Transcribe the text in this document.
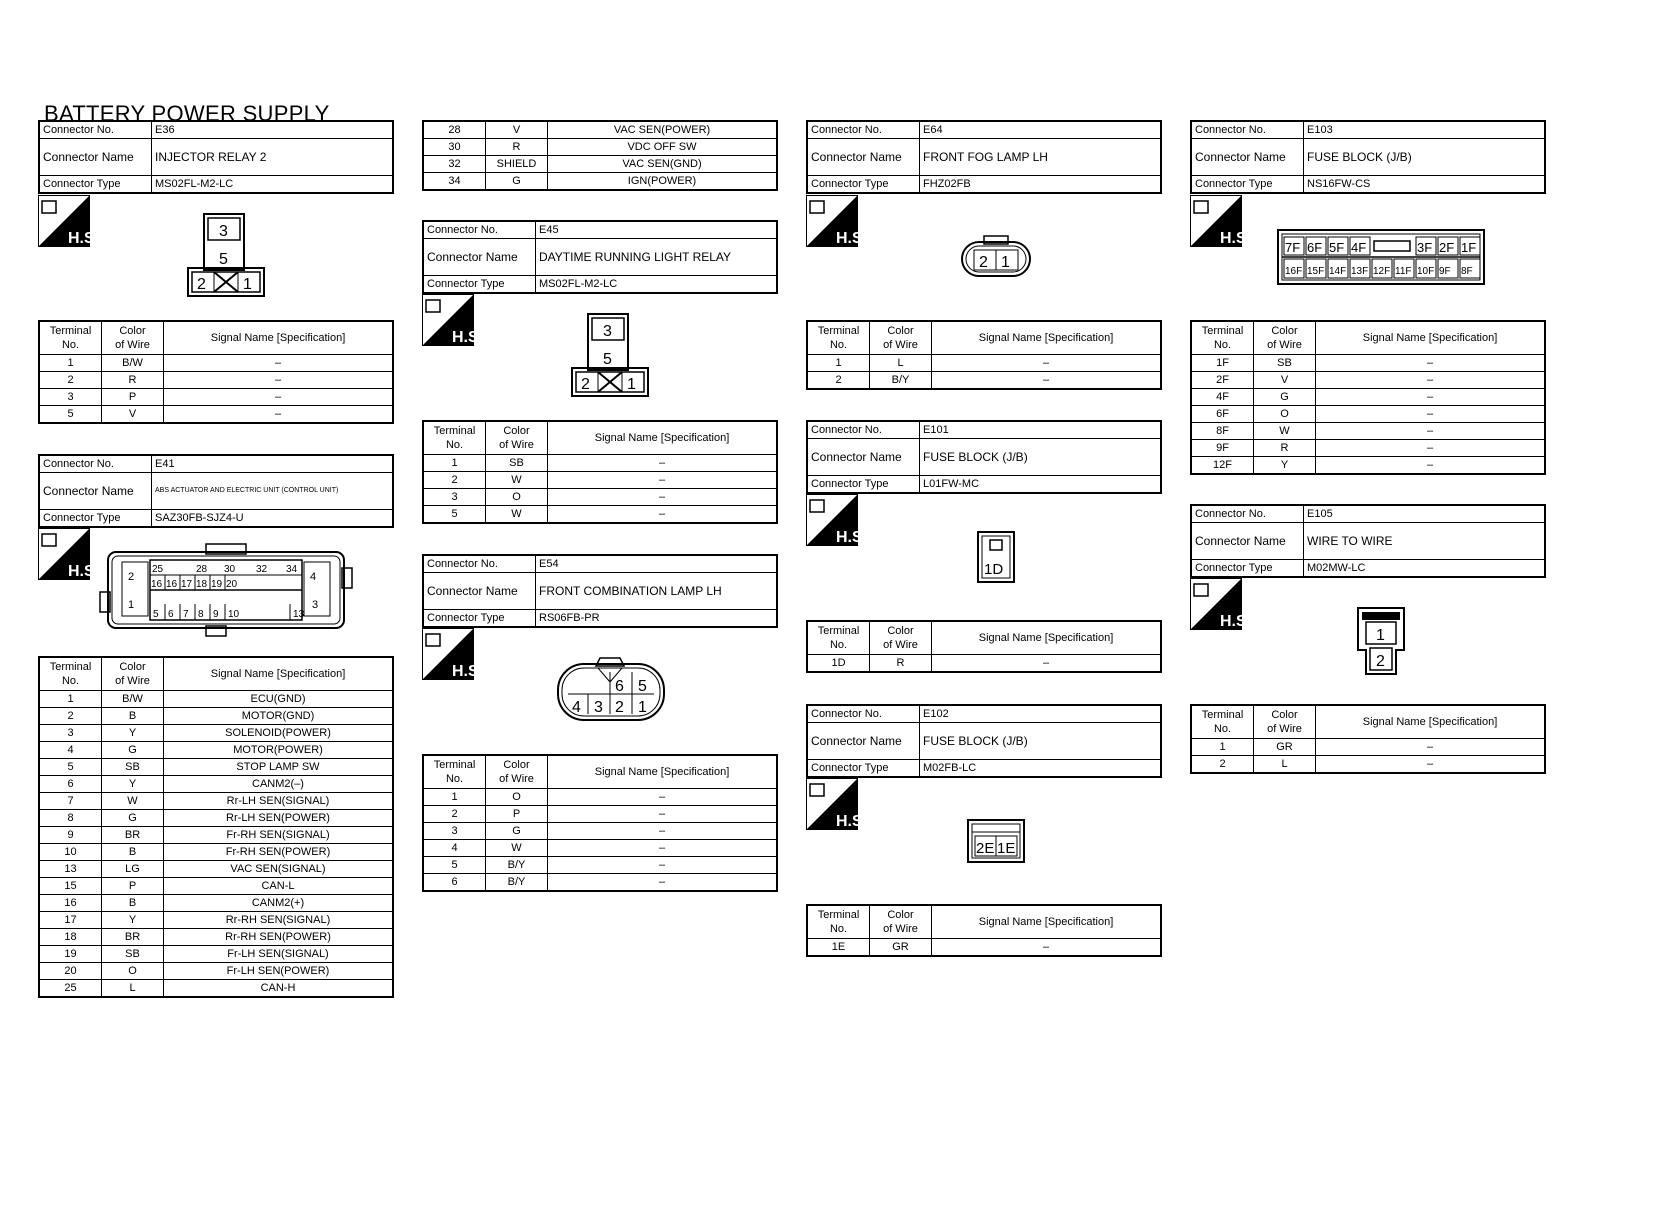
BATTERY POWER SUPPLY
Connector No.	E36
Connector Name	INJECTOR RELAY 2
Connector Type	MS02FL-M2-LC
H.S.	3
5
2 1
Terminal
No.	Color
of Wire	Signal Name [Specification]
1	B/W	–
2	R	–
3	P	–
5	V	–
Connector No.	E41
Connector Name	ABS ACTUATOR AND ELECTRIC UNIT (CONTROL UNIT)
Connector Type	SAZ30FB-SJZ4-U
H.S.	25	28 30 32 34
16 16 17 18 19 20
5 6 7 8 9 10	13
2
1
4
3
Terminal
No.	Color
of Wire	Signal Name [Specification]
1	B/W	ECU(GND)
2	B	MOTOR(GND)
3	Y	SOLENOID(POWER)
4	G	MOTOR(POWER)
5	SB	STOP LAMP SW
6	Y	CANM2(–)
7	W	Rr-LH SEN(SIGNAL)
8	G	Rr-LH SEN(POWER)
9	BR	Fr-RH SEN(SIGNAL)
10	B	Fr-RH SEN(POWER)
13	LG	VAC SEN(SIGNAL)
15	P	CAN-L
16	B	CANM2(+)
17	Y	Rr-RH SEN(SIGNAL)
18	BR	Rr-RH SEN(POWER)
19	SB	Fr-LH SEN(SIGNAL)
20	O	Fr-LH SEN(POWER)
25	L	CAN-H
28	V	VAC SEN(POWER)
30	R	VDC OFF SW
32	SHIELD	VAC SEN(GND)
34	G	IGN(POWER)
Connector No.	E45
Connector Name	DAYTIME RUNNING LIGHT RELAY
Connector Type	MS02FL-M2-LC
H.S.	3
5
2 1
Terminal
No.	Color
of Wire	Signal Name [Specification]
1	SB	–
2	W	–
3	O	–
5	W	–
Connector No.	E54
Connector Name	FRONT COMBINATION LAMP LH
Connector Type	RS06FB-PR
H.S.
6 5
4 3 2 1
Terminal
No.	Color
of Wire	Signal Name [Specification]
1	O	–
2	P	–
3	G	–
4	W	–
5	B/Y	–
6	B/Y	–
Connector No.	E64
Connector Name	FRONT FOG LAMP LH
Connector Type	FHZ02FB
H.S.
2 1
Terminal
No.	Color
of Wire	Signal Name [Specification]
1	L	–
2	B/Y	–
Connector No.	E101
Connector Name	FUSE BLOCK (J/B)
Connector Type	L01FW-MC
H.S.
1D
Terminal
No.	Color
of Wire	Signal Name [Specification]
1D	R	–
Connector No.	E102
Connector Name	FUSE BLOCK (J/B)
Connector Type	M02FB-LC
H.S.
2E 1E
Terminal
No.	Color
of Wire	Signal Name [Specification]
1E	GR	–
Connector No.	E103
Connector Name	FUSE BLOCK (J/B)
Connector Type	NS16FW-CS
H.S.
7F 6F 5F 4F	3F 2F 1F
16F 15F 14F 13F 12F 11F 10F 9F 8F
Terminal
No.	Color
of Wire	Signal Name [Specification]
1F	SB	–
2F	V	–
4F	G	–
6F	O	–
8F	W	–
9F	R	–
12F	Y	–
Connector No.	E105
Connector Name	WIRE TO WIRE
Connector Type	M02MW-LC
H.S.
1
2
Terminal
No.	Color
of Wire	Signal Name [Specification]
1	GR	–
2	L	–
